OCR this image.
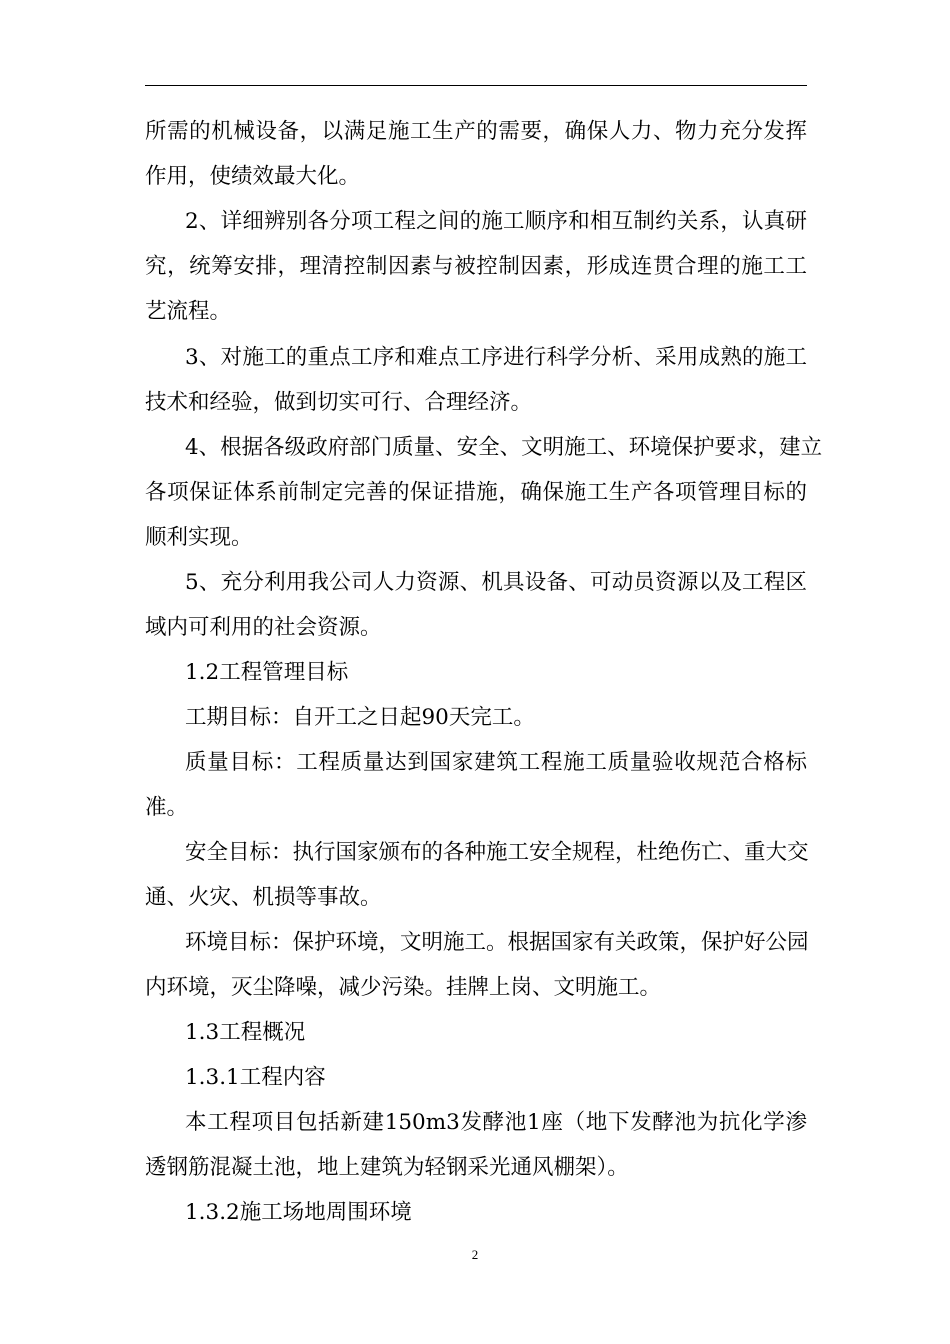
所需的机械设备，以满足施工生产的需要，确保人力、物力充分发挥
作用，使绩效最大化。
2、详细辨别各分项工程之间的施工顺序和相互制约关系，认真研
究，统筹安排，理清控制因素与被控制因素，形成连贯合理的施工工
艺流程。
3、对施工的重点工序和难点工序进行科学分析、采用成熟的施工
技术和经验，做到切实可行、合理经济。
4、根据各级政府部门质量、安全、文明施工、环境保护要求，建立
各项保证体系前制定完善的保证措施，确保施工生产各项管理目标的
顺利实现。
5、充分利用我公司人力资源、机具设备、可动员资源以及工程区
域内可利用的社会资源。
1.2工程管理目标
工期目标：自开工之日起90天完工。
质量目标：工程质量达到国家建筑工程施工质量验收规范合格标
准。
安全目标：执行国家颁布的各种施工安全规程，杜绝伤亡、重大交
通、火灾、机损等事故。
环境目标：保护环境，文明施工。根据国家有关政策，保护好公园
内环境，灭尘降噪，减少污染。挂牌上岗、文明施工。
1.3工程概况
1.3.1工程内容
本工程项目包括新建150m3发酵池1座（地下发酵池为抗化学渗
透钢筋混凝土池，地上建筑为轻钢采光通风棚架）。
1.3.2施工场地周围环境
2
